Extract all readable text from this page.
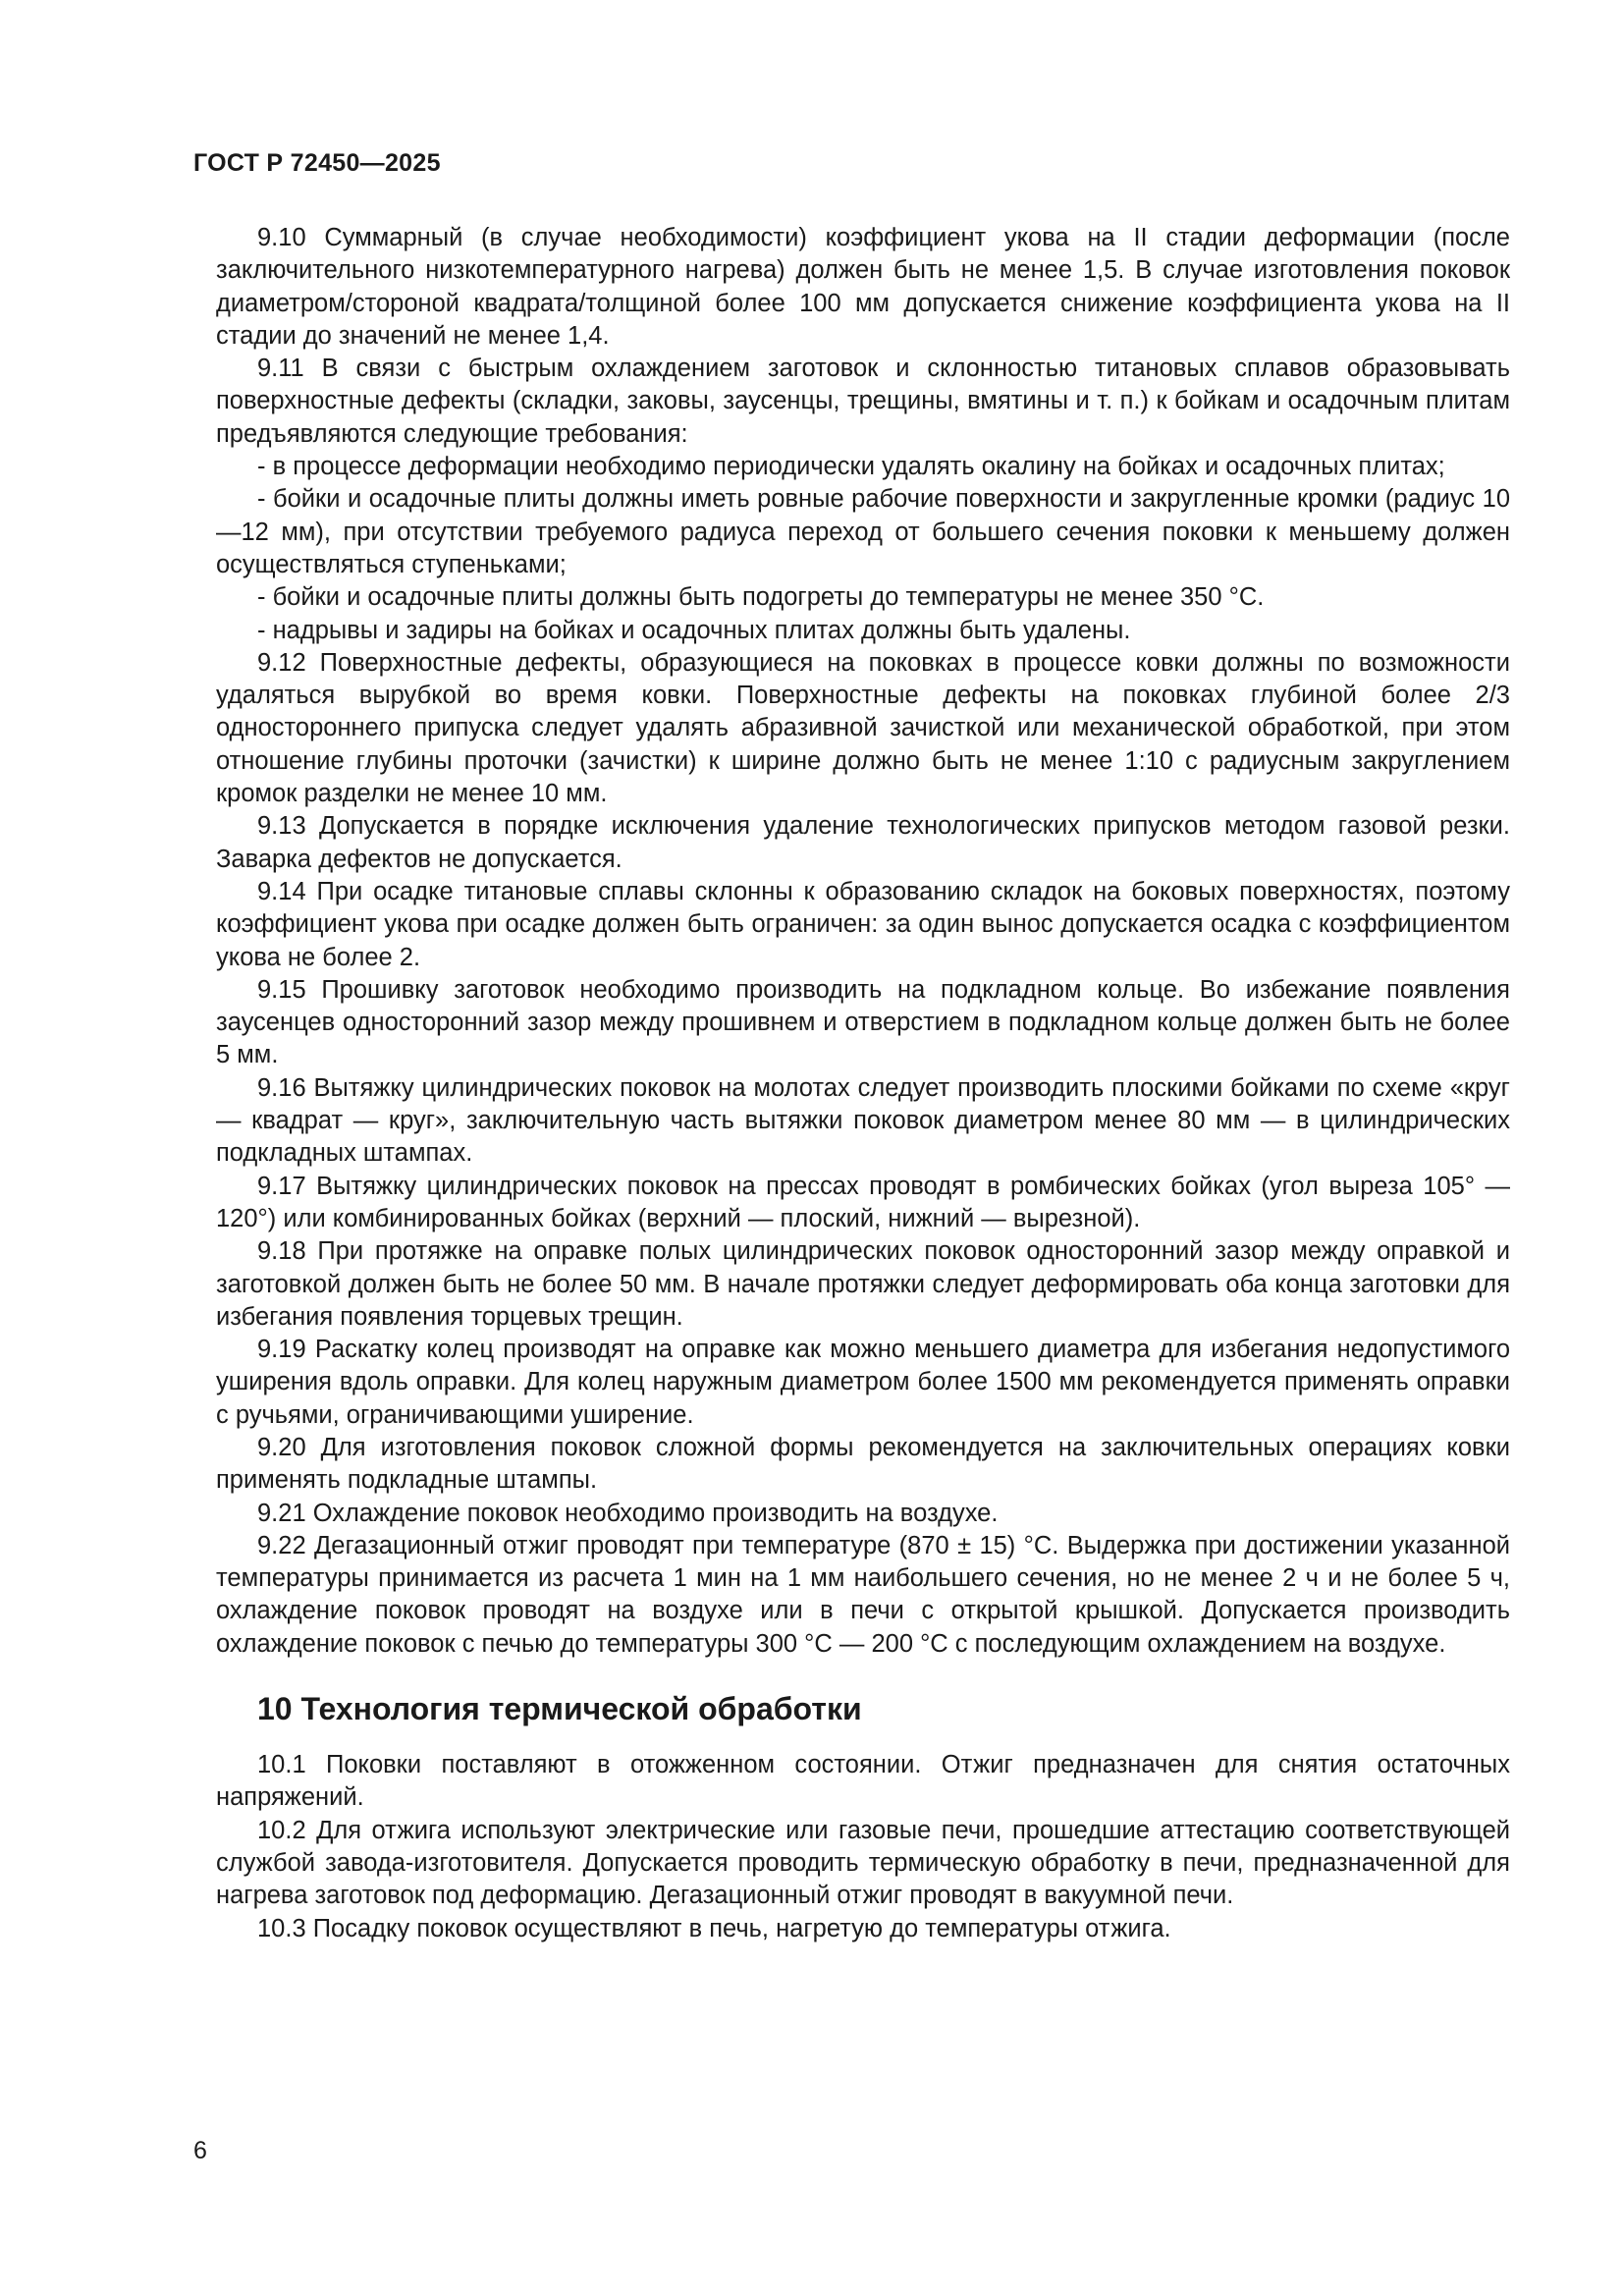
ГОСТ Р 72450—2025

9.10 Суммарный (в случае необходимости) коэффициент укова на II стадии деформации (после заключительного низкотемпературного нагрева) должен быть не менее 1,5. В случае изготовления поковок диаметром/стороной квадрата/толщиной более 100 мм допускается снижение коэффициента укова на II стадии до значений не менее 1,4.

9.11 В связи с быстрым охлаждением заготовок и склонностью титановых сплавов образовывать поверхностные дефекты (складки, заковы, заусенцы, трещины, вмятины и т. п.) к бойкам и осадочным плитам предъявляются следующие требования:

- в процессе деформации необходимо периодически удалять окалину на бойках и осадочных плитах;

- бойки и осадочные плиты должны иметь ровные рабочие поверхности и закругленные кромки (радиус 10—12 мм), при отсутствии требуемого радиуса переход от большего сечения поковки к меньшему должен осуществляться ступеньками;

- бойки и осадочные плиты должны быть подогреты до температуры не менее 350 °С.

- надрывы и задиры на бойках и осадочных плитах должны быть удалены.

9.12 Поверхностные дефекты, образующиеся на поковках в процессе ковки должны по возможности удаляться вырубкой во время ковки. Поверхностные дефекты на поковках глубиной более 2/3 одностороннего припуска следует удалять абразивной зачисткой или механической обработкой, при этом отношение глубины проточки (зачистки) к ширине должно быть не менее 1:10 с радиусным закруглением кромок разделки не менее 10 мм.

9.13 Допускается в порядке исключения удаление технологических припусков методом газовой резки. Заварка дефектов не допускается.

9.14 При осадке титановые сплавы склонны к образованию складок на боковых поверхностях, поэтому коэффициент укова при осадке должен быть ограничен: за один вынос допускается осадка с коэффициентом укова не более 2.

9.15 Прошивку заготовок необходимо производить на подкладном кольце. Во избежание появления заусенцев односторонний зазор между прошивнем и отверстием в подкладном кольце должен быть не более 5 мм.

9.16 Вытяжку цилиндрических поковок на молотах следует производить плоскими бойками по схеме «круг — квадрат — круг», заключительную часть вытяжки поковок диаметром менее 80 мм — в цилиндрических подкладных штампах.

9.17 Вытяжку цилиндрических поковок на прессах проводят в ромбических бойках (угол выреза 105° — 120°) или комбинированных бойках (верхний — плоский, нижний — вырезной).

9.18 При протяжке на оправке полых цилиндрических поковок односторонний зазор между оправкой и заготовкой должен быть не более 50 мм. В начале протяжки следует деформировать оба конца заготовки для избегания появления торцевых трещин.

9.19 Раскатку колец производят на оправке как можно меньшего диаметра для избегания недопустимого уширения вдоль оправки. Для колец наружным диаметром более 1500 мм рекомендуется применять оправки с ручьями, ограничивающими уширение.

9.20 Для изготовления поковок сложной формы рекомендуется на заключительных операциях ковки применять подкладные штампы.

9.21 Охлаждение поковок необходимо производить на воздухе.

9.22 Дегазационный отжиг проводят при температуре (870 ± 15) °С. Выдержка при достижении указанной температуры принимается из расчета 1 мин на 1 мм наибольшего сечения, но не менее 2 ч и не более 5 ч, охлаждение поковок проводят на воздухе или в печи с открытой крышкой. Допускается производить охлаждение поковок с печью до температуры 300 °С — 200 °С с последующим охлаждением на воздухе.

10 Технология термической обработки

10.1 Поковки поставляют в отожженном состоянии. Отжиг предназначен для снятия остаточных напряжений.

10.2 Для отжига используют электрические или газовые печи, прошедшие аттестацию соответствующей службой завода-изготовителя. Допускается проводить термическую обработку в печи, предназначенной для нагрева заготовок под деформацию. Дегазационный отжиг проводят в вакуумной печи.

10.3 Посадку поковок осуществляют в печь, нагретую до температуры отжига.

6
